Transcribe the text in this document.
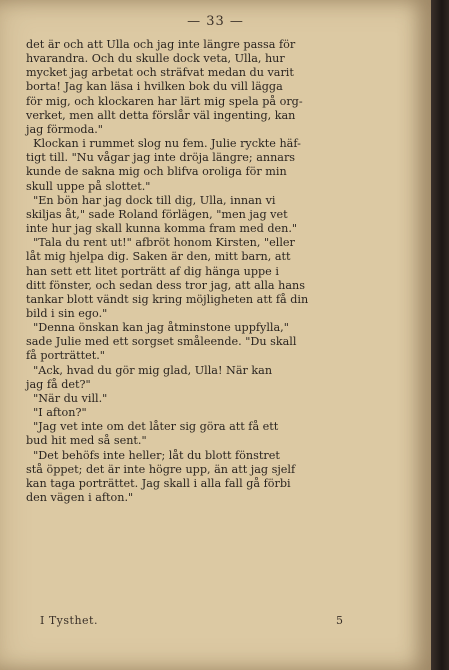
— 33 —
det är och att Ulla och jag inte längre passa för
hvarandra. Och du skulle dock veta, Ulla, hur
mycket jag arbetat och sträfvat medan du varit
borta! Jag kan läsa i hvilken bok du vill lägga
för mig, och klockaren har lärt mig spela på org-
verket, men allt detta förslår väl ingenting, kan
jag förmoda."
Klockan i rummet slog nu fem. Julie ryckte häf-
tigt till. "Nu vågar jag inte dröja längre; annars
kunde de sakna mig och blifva oroliga för min
skull uppe på slottet."
"En bön har jag dock till dig, Ulla, innan vi
skiljas åt," sade Roland förlägen, "men jag vet
inte hur jag skall kunna komma fram med den."
"Tala du rent ut!" afbröt honom Kirsten, "eller
låt mig hjelpa dig. Saken är den, mitt barn, att
han sett ett litet porträtt af dig hänga uppe i
ditt fönster, och sedan dess tror jag, att alla hans
tankar blott vändt sig kring möjligheten att få din
bild i sin ego."
"Denna önskan kan jag åtminstone uppfylla,"
sade Julie med ett sorgset småleende. "Du skall
få porträttet."
"Ack, hvad du gör mig glad, Ulla! När kan
jag få det?"
"När du vill."
"I afton?"
"Jag vet inte om det låter sig göra att få ett
bud hit med så sent."
"Det behöfs inte heller; låt du blott fönstret
stå öppet; det är inte högre upp, än att jag sjelf
kan taga porträttet. Jag skall i alla fall gå förbi
den vägen i afton."
I Tysthet.	5
